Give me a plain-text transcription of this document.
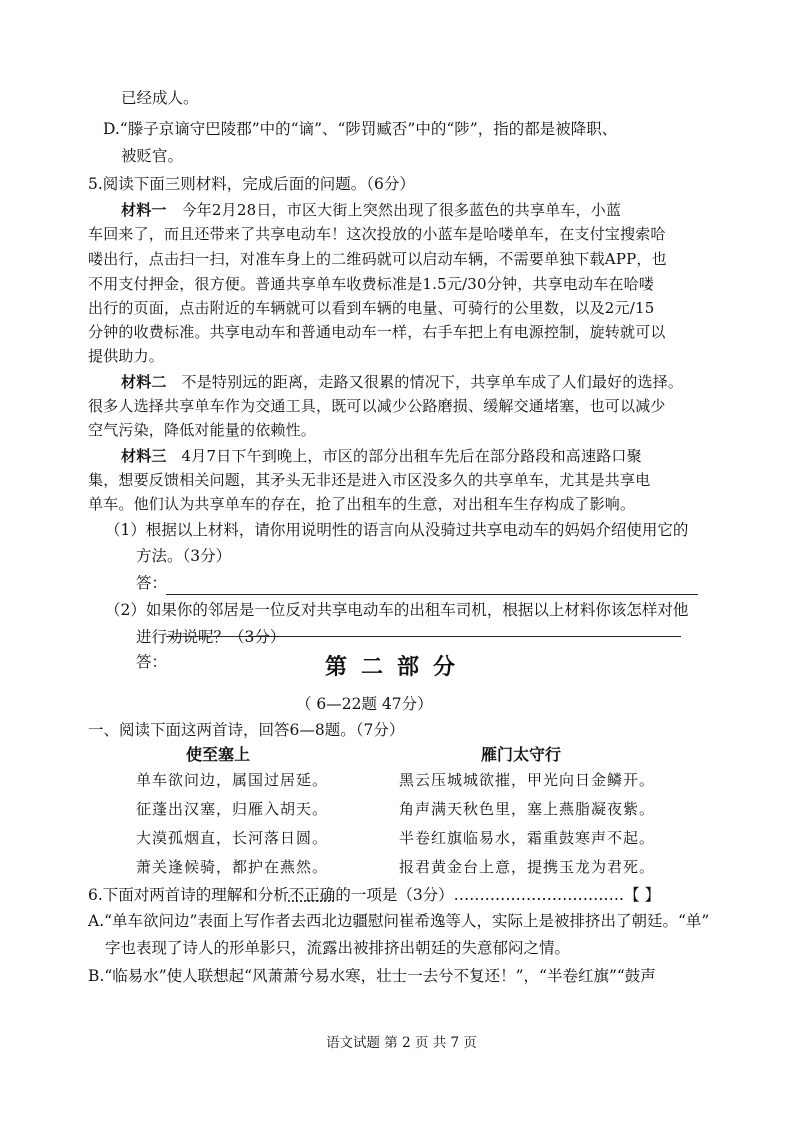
已经成人。

D.“滕子京谪守巴陵郡”中的“谪”、“陟罚臧否”中的“陟”，指的都是被降职、

被贬官。

5.阅读下面三则材料，完成后面的问题。（6分）

材料一 今年2月28日，市区大街上突然出现了很多蓝色的共享单车，小蓝

车回来了，而且还带来了共享电动车！这次投放的小蓝车是哈喽单车，在支付宝搜索哈

喽出行，点击扫一扫，对准车身上的二维码就可以启动车辆，不需要单独下载APP，也

不用支付押金，很方便。普通共享单车收费标准是1.5元/30分钟，共享电动车在哈喽

出行的页面，点击附近的车辆就可以看到车辆的电量、可骑行的公里数，以及2元/15

分钟的收费标准。共享电动车和普通电动车一样，右手车把上有电源控制，旋转就可以

提供助力。

材料二 不是特别远的距离，走路又很累的情况下，共享单车成了人们最好的选择。

很多人选择共享单车作为交通工具，既可以减少公路磨损、缓解交通堵塞，也可以减少

空气污染，降低对能量的依赖性。

材料三 4月7日下午到晚上，市区的部分出租车先后在部分路段和高速路口聚

集，想要反馈相关问题，其矛头无非还是进入市区没多久的共享单车，尤其是共享电

单车。他们认为共享单车的存在，抢了出租车的生意，对出租车生存构成了影响。

（1）根据以上材料，请你用说明性的语言向从没骑过共享电动车的妈妈介绍使用它的

方法。（3分）

答：

（2）如果你的邻居是一位反对共享电动车的出租车司机，根据以上材料你该怎样对他

进行劝说呢？（3分）

答：	第二部分

（ 6—22题 47分）

一、阅读下面这两首诗，回答6—8题。（7分）

使至塞上	雁门太守行

单车欲问边，属国过居延。

征蓬出汉塞，归雁入胡天。

大漠孤烟直，长河落日圆。

萧关逢候骑，都护在燕然。

黑云压城城欲摧，甲光向日金鳞开。

角声满天秋色里，塞上燕脂凝夜紫。

半卷红旗临易水，霜重鼓寒声不起。

报君黄金台上意，提携玉龙为君死。

6.下面对两首诗的理解和分析不正确的一项是（3分）……………………………【 】

A.“单车欲问边”表面上写作者去西北边疆慰问崔希逸等人，实际上是被排挤出了朝廷。“单”

字也表现了诗人的形单影只，流露出被排挤出朝廷的失意郁闷之情。

B.“临易水”使人联想起“风萧萧兮易水寒，壮士一去兮不复还！”，“半卷红旗”“鼓声

语文试题 第 2 页 共 7 页
